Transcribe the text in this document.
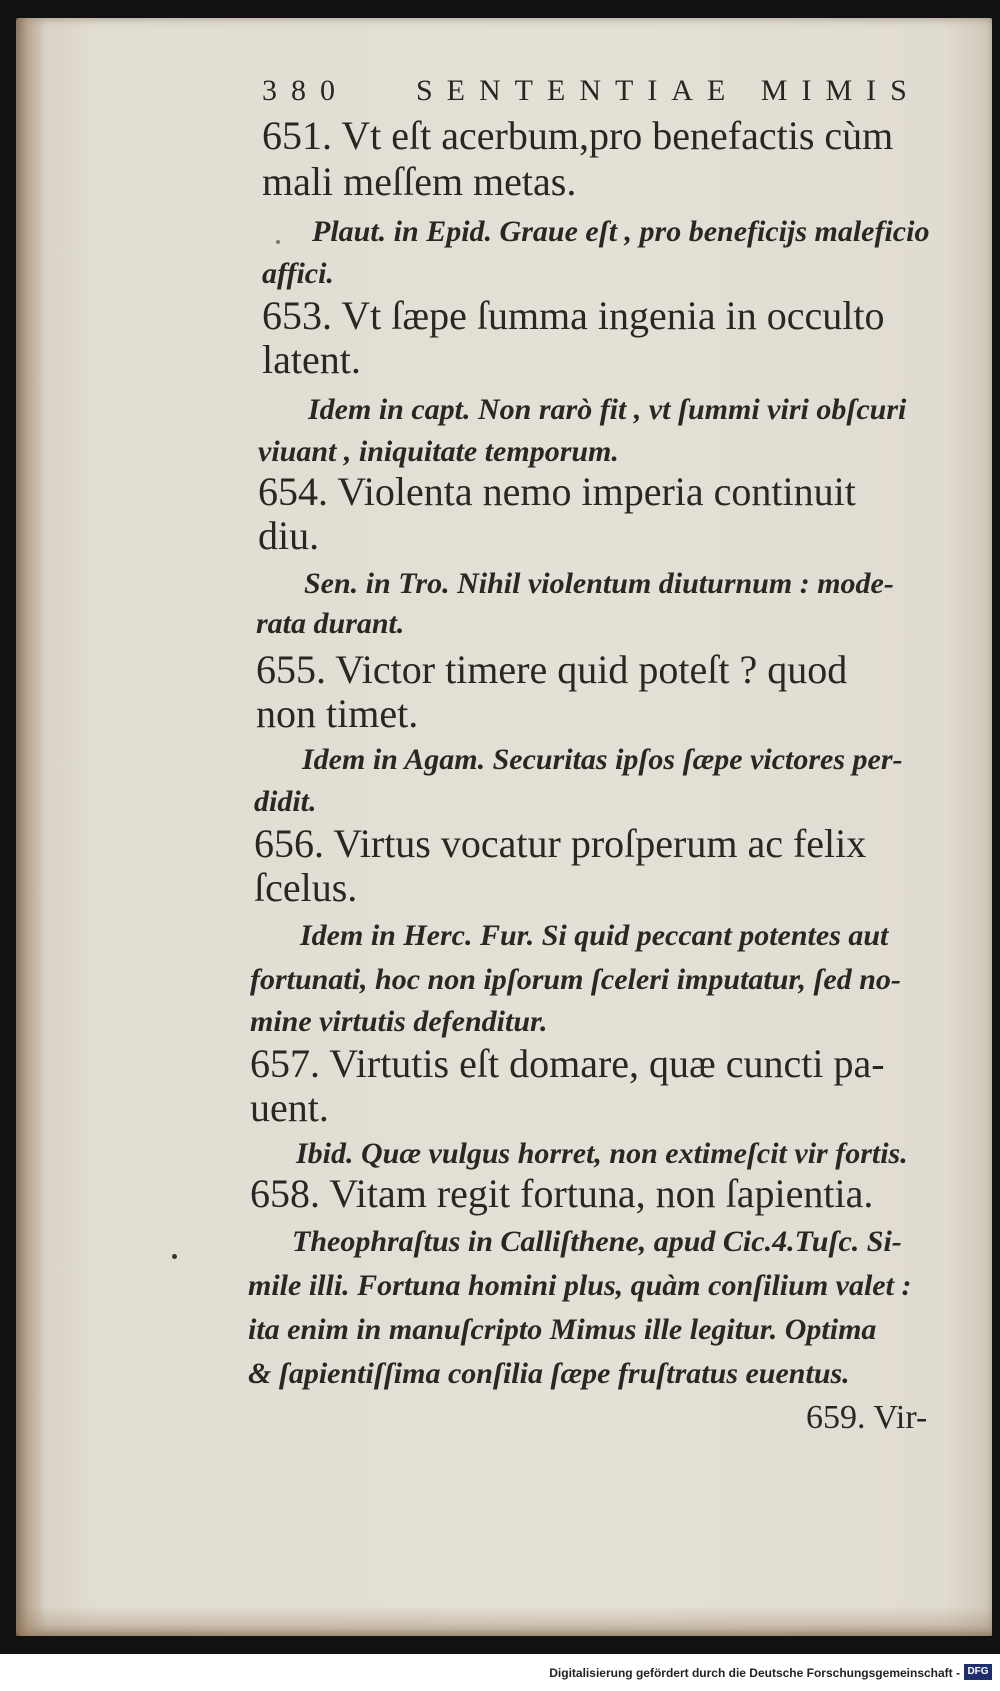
380 SENTENTIAE MIMIS
651. Vt eſt acerbum,pro benefactis cùm
mali meſſem metas.
Plaut. in Epid. Graue eſt , pro beneficijs maleficio
affici.
653. Vt ſæpe ſumma ingenia in occulto
latent.
Idem in capt. Non rarò fit , vt ſummi viri obſcuri
viuant , iniquitate temporum.
654. Violenta nemo imperia continuit
diu.
Sen. in Tro. Nihil violentum diuturnum : mode-
rata durant.
655. Victor timere quid poteſt ? quod
non timet.
Idem in Agam. Securitas ipſos ſæpe victores per-
didit.
656. Virtus vocatur proſperum ac felix
ſcelus.
Idem in Herc. Fur. Si quid peccant potentes aut
fortunati, hoc non ipſorum ſceleri imputatur, ſed no-
mine virtutis defenditur.
657. Virtutis eſt domare, quæ cuncti pa-
uent.
Ibid. Quæ vulgus horret, non extimeſcit vir fortis.
658. Vitam regit fortuna, non ſapientia.
Theophraſtus in Calliſthene, apud Cic.4.Tuſc. Si-
mile illi. Fortuna homini plus, quàm conſilium valet :
ita enim in manuſcripto Mimus ille legitur. Optima
& ſapientiſſima conſilia ſæpe fruſtratus euentus.
659. Vir-
Digitalisierung gefördert durch die Deutsche Forschungsgemeinschaft - DFG
